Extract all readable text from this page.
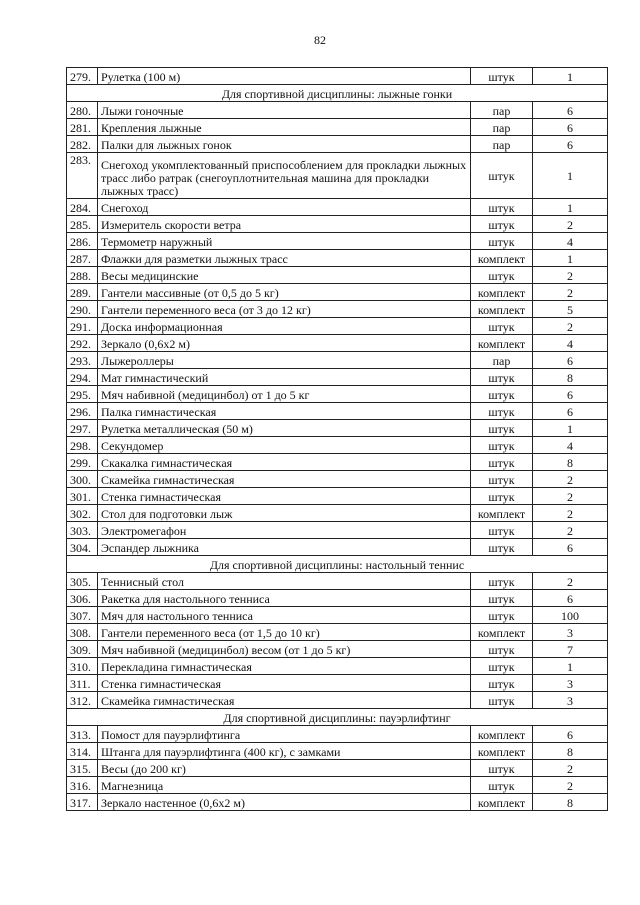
82
279.	Рулетка (100 м)	штук	1
Для спортивной дисциплины: лыжные гонки			
280.	Лыжи гоночные	пар	6
281.	Крепления лыжные	пар	6
282.	Палки для лыжных гонок	пар	6
283.	Снегоход укомплектованный приспособлением для прокладки лыжных трасс либо ратрак (снегоуплотнительная машина для прокладки лыжных трасс)	штук	1
284.	Снегоход	штук	1
285.	Измеритель скорости ветра	штук	2
286.	Термометр наружный	штук	4
287.	Флажки для разметки лыжных трасс	комплект	1
288.	Весы медицинские	штук	2
289.	Гантели массивные (от 0,5 до 5 кг)	комплект	2
290.	Гантели переменного веса (от 3 до 12 кг)	комплект	5
291.	Доска информационная	штук	2
292.	Зеркало (0,6х2 м)	комплект	4
293.	Лыжероллеры	пар	6
294.	Мат гимнастический	штук	8
295.	Мяч набивной (медицинбол) от 1 до 5 кг	штук	6
296.	Палка гимнастическая	штук	6
297.	Рулетка металлическая (50 м)	штук	1
298.	Секундомер	штук	4
299.	Скакалка гимнастическая	штук	8
300.	Скамейка гимнастическая	штук	2
301.	Стенка гимнастическая	штук	2
302.	Стол для подготовки лыж	комплект	2
303.	Электромегафон	штук	2
304.	Эспандер лыжника	штук	6
Для спортивной дисциплины: настольный теннис			
305.	Теннисный стол	штук	2
306.	Ракетка для настольного тенниса	штук	6
307.	Мяч для настольного тенниса	штук	100
308.	Гантели переменного веса (от 1,5 до 10 кг)	комплект	3
309.	Мяч набивной (медицинбол) весом (от 1 до 5 кг)	штук	7
310.	Перекладина гимнастическая	штук	1
311.	Стенка гимнастическая	штук	3
312.	Скамейка гимнастическая	штук	3
Для спортивной дисциплины: пауэрлифтинг			
313.	Помост для пауэрлифтинга	комплект	6
314.	Штанга для пауэрлифтинга (400 кг), с замками	комплект	8
315.	Весы (до 200 кг)	штук	2
316.	Магнезница	штук	2
317.	Зеркало настенное (0,6х2 м)	комплект	8
